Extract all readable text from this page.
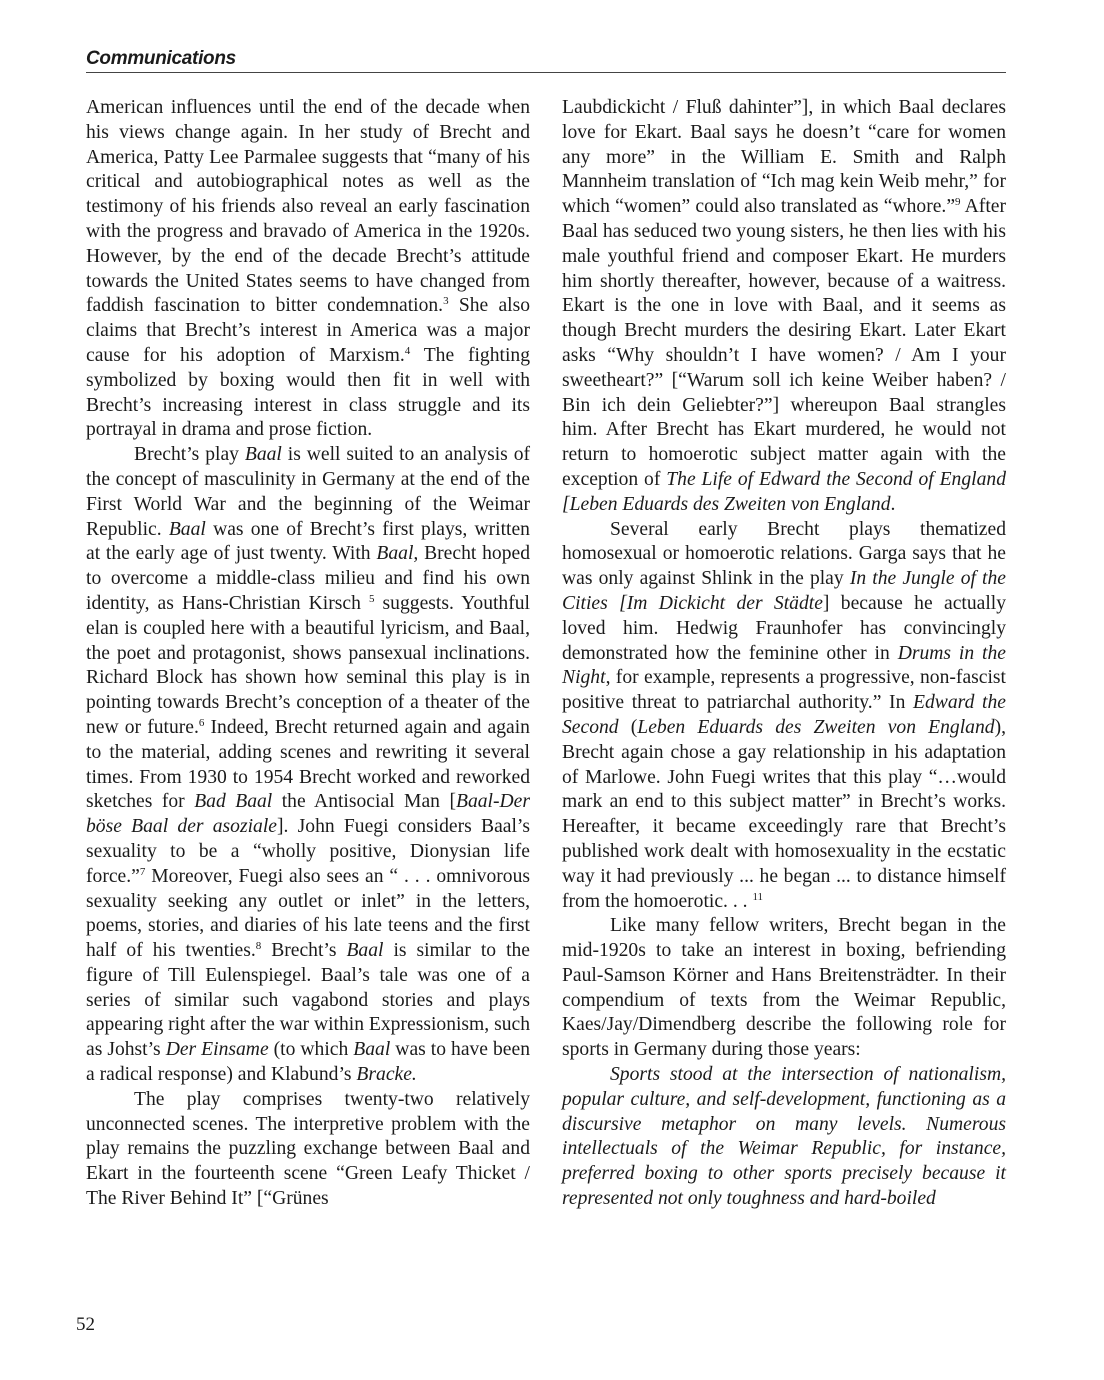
Communications

American influences until the end of the decade when his views change again. In her study of Brecht and America, Patty Lee Parmalee suggests that “many of his critical and autobiographical notes as well as the testimony of his friends also reveal an early fascination with the progress and bravado of America in the 1920s. However, by the end of the decade Brecht’s attitude towards the United States seems to have changed from faddish fascination to bitter condemnation.$^3$ She also claims that Brecht’s interest in America was a major cause for his adoption of Marxism.$^4$ The fighting symbolized by boxing would then fit in well with Brecht’s increasing interest in class struggle and its portrayal in drama and prose fiction.

Brecht’s play Baal is well suited to an analysis of the concept of masculinity in Germany at the end of the First World War and the beginning of the Weimar Republic. Baal was one of Brecht’s first plays, written at the early age of just twenty. With Baal, Brecht hoped to overcome a middle-class milieu and find his own identity, as Hans-Christian Kirsch $^5$ suggests. Youthful elan is coupled here with a beautiful lyricism, and Baal, the poet and protagonist, shows pansexual inclinations. Richard Block has shown how seminal this play is in pointing towards Brecht’s conception of a theater of the new or future.$^6$ Indeed, Brecht returned again and again to the material, adding scenes and rewriting it several times. From 1930 to 1954 Brecht worked and reworked sketches for Bad Baal the Antisocial Man [Baal-Der böse Baal der asoziale]. John Fuegi considers Baal’s sexuality to be a “wholly positive, Dionysian life force.”$^7$ Moreover, Fuegi also sees an “ . . . omnivorous sexuality seeking any outlet or inlet” in the letters, poems, stories, and diaries of his late teens and the first half of his twenties.$^8$ Brecht’s Baal is similar to the figure of Till Eulenspiegel. Baal’s tale was one of a series of similar such vagabond stories and plays appearing right after the war within Expressionism, such as Johst’s Der Einsame (to which Baal was to have been a radical response) and Klabund’s Bracke.

The play comprises twenty-two relatively unconnected scenes. The interpretive problem with the play remains the puzzling exchange between Baal and Ekart in the fourteenth scene “Green Leafy Thicket / The River Behind It” [“Grünes

Laubdickicht / Fluß dahinter”], in which Baal declares love for Ekart. Baal says he doesn’t “care for women any more” in the William E. Smith and Ralph Mannheim translation of “Ich mag kein Weib mehr,” for which “women” could also translated as “whore.”$^9$ After Baal has seduced two young sisters, he then lies with his male youthful friend and composer Ekart. He murders him shortly thereafter, however, because of a waitress. Ekart is the one in love with Baal, and it seems as though Brecht murders the desiring Ekart. Later Ekart asks “Why shouldn’t I have women? / Am I your sweetheart?” [“Warum soll ich keine Weiber haben? / Bin ich dein Geliebter?”] whereupon Baal strangles him. After Brecht has Ekart murdered, he would not return to homoerotic subject matter again with the exception of The Life of Edward the Second of England [Leben Eduards des Zweiten von England.

Several early Brecht plays thematized homosexual or homoerotic relations. Garga says that he was only against Shlink in the play In the Jungle of the Cities [Im Dickicht der Städte] because he actually loved him. Hedwig Fraunhofer has convincingly demonstrated how the feminine other in Drums in the Night, for example, represents a progressive, non-fascist positive threat to patriarchal authority.” In Edward the Second (Leben Eduards des Zweiten von England), Brecht again chose a gay relationship in his adaptation of Marlowe. John Fuegi writes that this play “…would mark an end to this subject matter” in Brecht’s works. Hereafter, it became exceedingly rare that Brecht’s published work dealt with homosexuality in the ecstatic way it had previously ... he began ... to distance himself from the homoerotic. . . $^{11}$

Like many fellow writers, Brecht began in the mid-1920s to take an interest in boxing, befriending Paul-Samson Körner and Hans Breitensträdter. In their compendium of texts from the Weimar Republic, Kaes/Jay/Dimendberg describe the following role for sports in Germany during those years:

Sports stood at the intersection of nationalism, popular culture, and self-development, functioning as a discursive metaphor on many levels. Numerous intellectuals of the Weimar Republic, for instance, preferred boxing to other sports precisely because it represented not only toughness and hard-boiled

52
